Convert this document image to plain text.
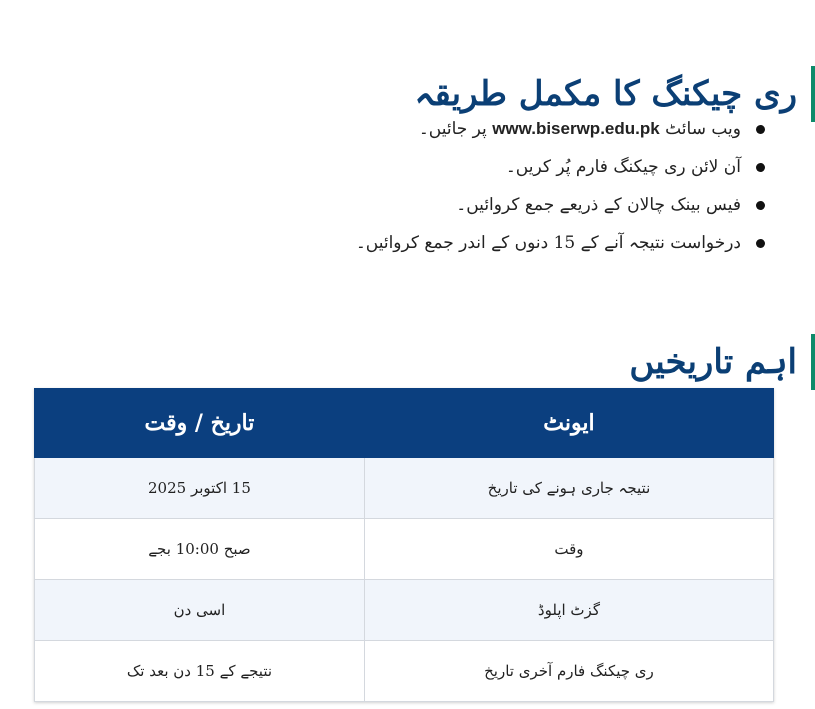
ری چیکنگ کا مکمل طریقہ
ویب سائٹ www.biserwp.edu.pk پر جائیں۔
آن لائن ری چیکنگ فارم پُر کریں۔
فیس بینک چالان کے ذریعے جمع کروائیں۔
درخواست نتیجہ آنے کے 15 دنوں کے اندر جمع کروائیں۔
اہم تاریخیں
ایونٹ	تاریخ / وقت
نتیجہ جاری ہونے کی تاریخ	15 اکتوبر 2025
وقت	صبح 10:00 بجے
گزٹ اپلوڈ	اسی دن
ری چیکنگ فارم آخری تاریخ	نتیجے کے 15 دن بعد تک
